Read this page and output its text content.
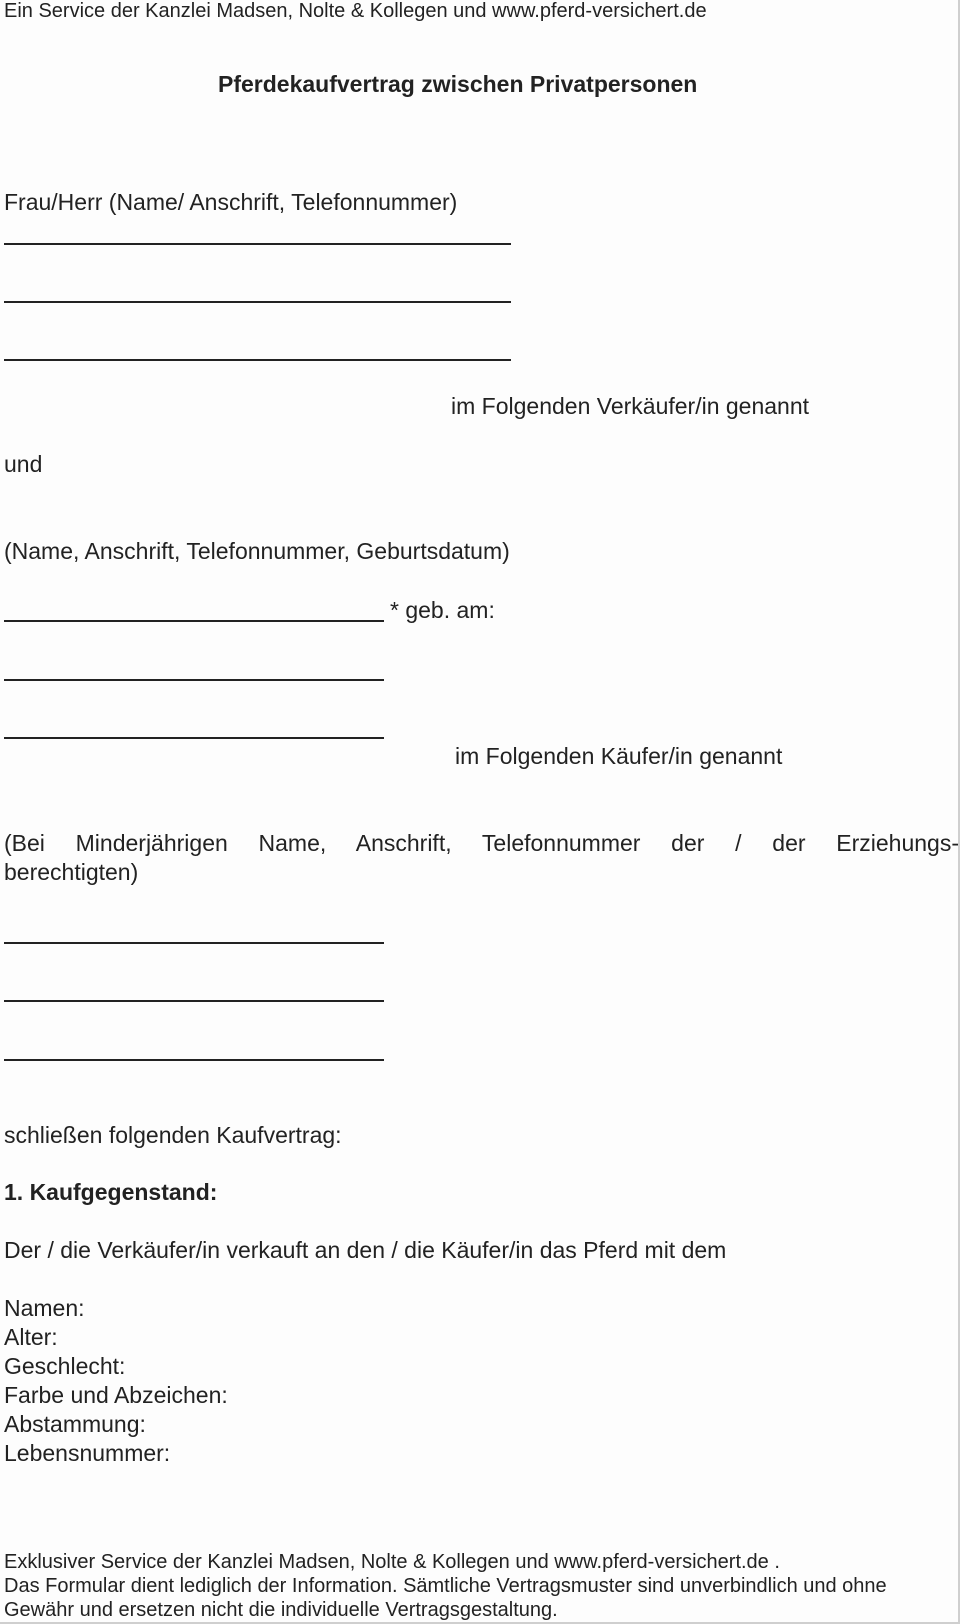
Ein Service der Kanzlei Madsen, Nolte & Kollegen und www.pferd-versichert.de
Pferdekaufvertrag zwischen Privatpersonen
Frau/Herr (Name/ Anschrift, Telefonnummer)
im Folgenden Verkäufer/in genannt
und
(Name, Anschrift, Telefonnummer, Geburtsdatum)
* geb. am:
im Folgenden Käufer/in genannt
(Bei Minderjährigen Name, Anschrift, Telefonnummer der / der Erziehungs-
berechtigten)
schließen folgenden Kaufvertrag:
1. Kaufgegenstand:
Der / die Verkäufer/in verkauft an den / die Käufer/in das Pferd mit dem
Namen:
Alter:
Geschlecht:
Farbe und Abzeichen:
Abstammung:
Lebensnummer:
Exklusiver Service der Kanzlei Madsen, Nolte & Kollegen und www.pferd-versichert.de .
Das Formular dient lediglich der Information. Sämtliche Vertragsmuster sind unverbindlich und ohne
Gewähr und ersetzen nicht die individuelle Vertragsgestaltung.
